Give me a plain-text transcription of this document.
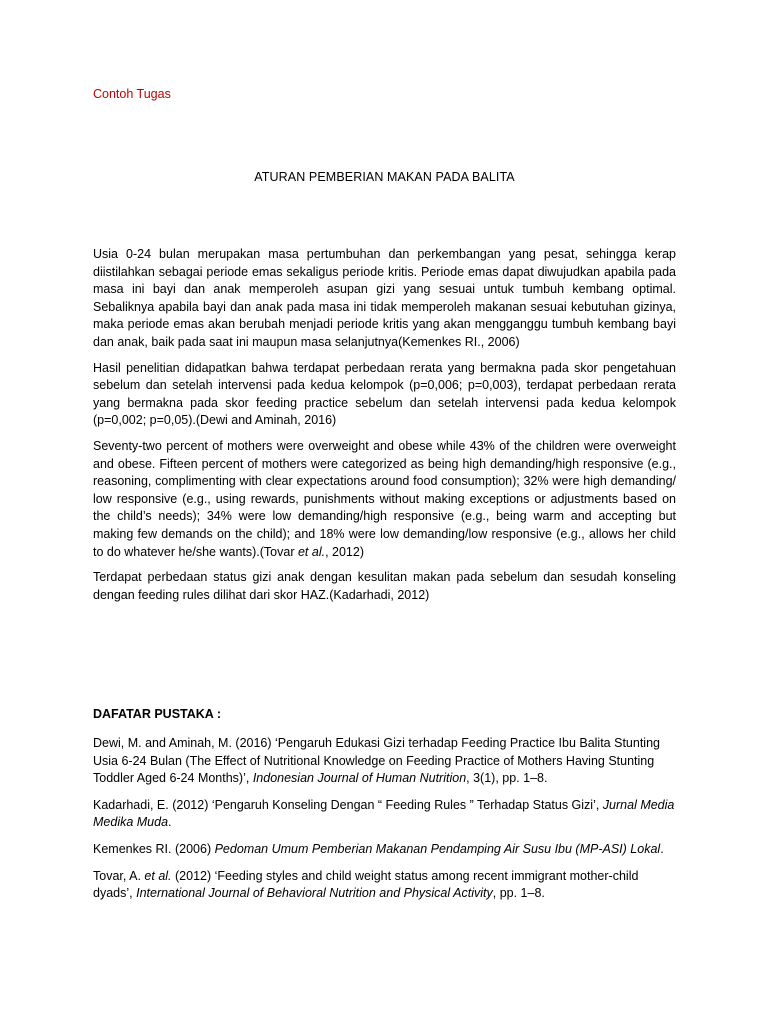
Contoh Tugas
ATURAN PEMBERIAN MAKAN PADA BALITA

Usia 0-24 bulan merupakan masa pertumbuhan dan perkembangan yang pesat, sehingga kerap diistilahkan sebagai periode emas sekaligus periode kritis. Periode emas dapat diwujudkan apabila pada masa ini bayi dan anak memperoleh asupan gizi yang sesuai untuk tumbuh kembang optimal. Sebaliknya apabila bayi dan anak pada masa ini tidak memperoleh makanan sesuai kebutuhan gizinya, maka periode emas akan berubah menjadi periode kritis yang akan mengganggu tumbuh kembang bayi dan anak, baik pada saat ini maupun masa selanjutnya(Kemenkes RI., 2006)

Hasil penelitian didapatkan bahwa terdapat perbedaan rerata yang bermakna pada skor pengetahuan sebelum dan setelah intervensi pada kedua kelompok (p=0,006; p=0,003), terdapat perbedaan rerata yang bermakna pada skor feeding practice sebelum dan setelah intervensi pada kedua kelompok (p=0,002; p=0,05).(Dewi and Aminah, 2016)

Seventy-two percent of mothers were overweight and obese while 43% of the children were overweight and obese. Fifteen percent of mothers were categorized as being high demanding/high responsive (e.g., reasoning, complimenting with clear expectations around food consumption); 32% were high demanding/ low responsive (e.g., using rewards, punishments without making exceptions or adjustments based on the child’s needs); 34% were low demanding/high responsive (e.g., being warm and accepting but making few demands on the child); and 18% were low demanding/low responsive (e.g., allows her child to do whatever he/she wants).(Tovar et al., 2012)

Terdapat perbedaan status gizi anak dengan kesulitan makan pada sebelum dan sesudah konseling dengan feeding rules dilihat dari skor HAZ.(Kadarhadi, 2012)

DAFATAR PUSTAKA :

Dewi, M. and Aminah, M. (2016) ‘Pengaruh Edukasi Gizi terhadap Feeding Practice Ibu Balita Stunting Usia 6-24 Bulan (The Effect of Nutritional Knowledge on Feeding Practice of Mothers Having Stunting Toddler Aged 6-24 Months)’, Indonesian Journal of Human Nutrition, 3(1), pp. 1–8.

Kadarhadi, E. (2012) ‘Pengaruh Konseling Dengan “ Feeding Rules ” Terhadap Status Gizi’, Jurnal Media Medika Muda.

Kemenkes RI. (2006) Pedoman Umum Pemberian Makanan Pendamping Air Susu Ibu (MP-ASI) Lokal.

Tovar, A. et al. (2012) ‘Feeding styles and child weight status among recent immigrant mother-child dyads’, International Journal of Behavioral Nutrition and Physical Activity, pp. 1–8.
